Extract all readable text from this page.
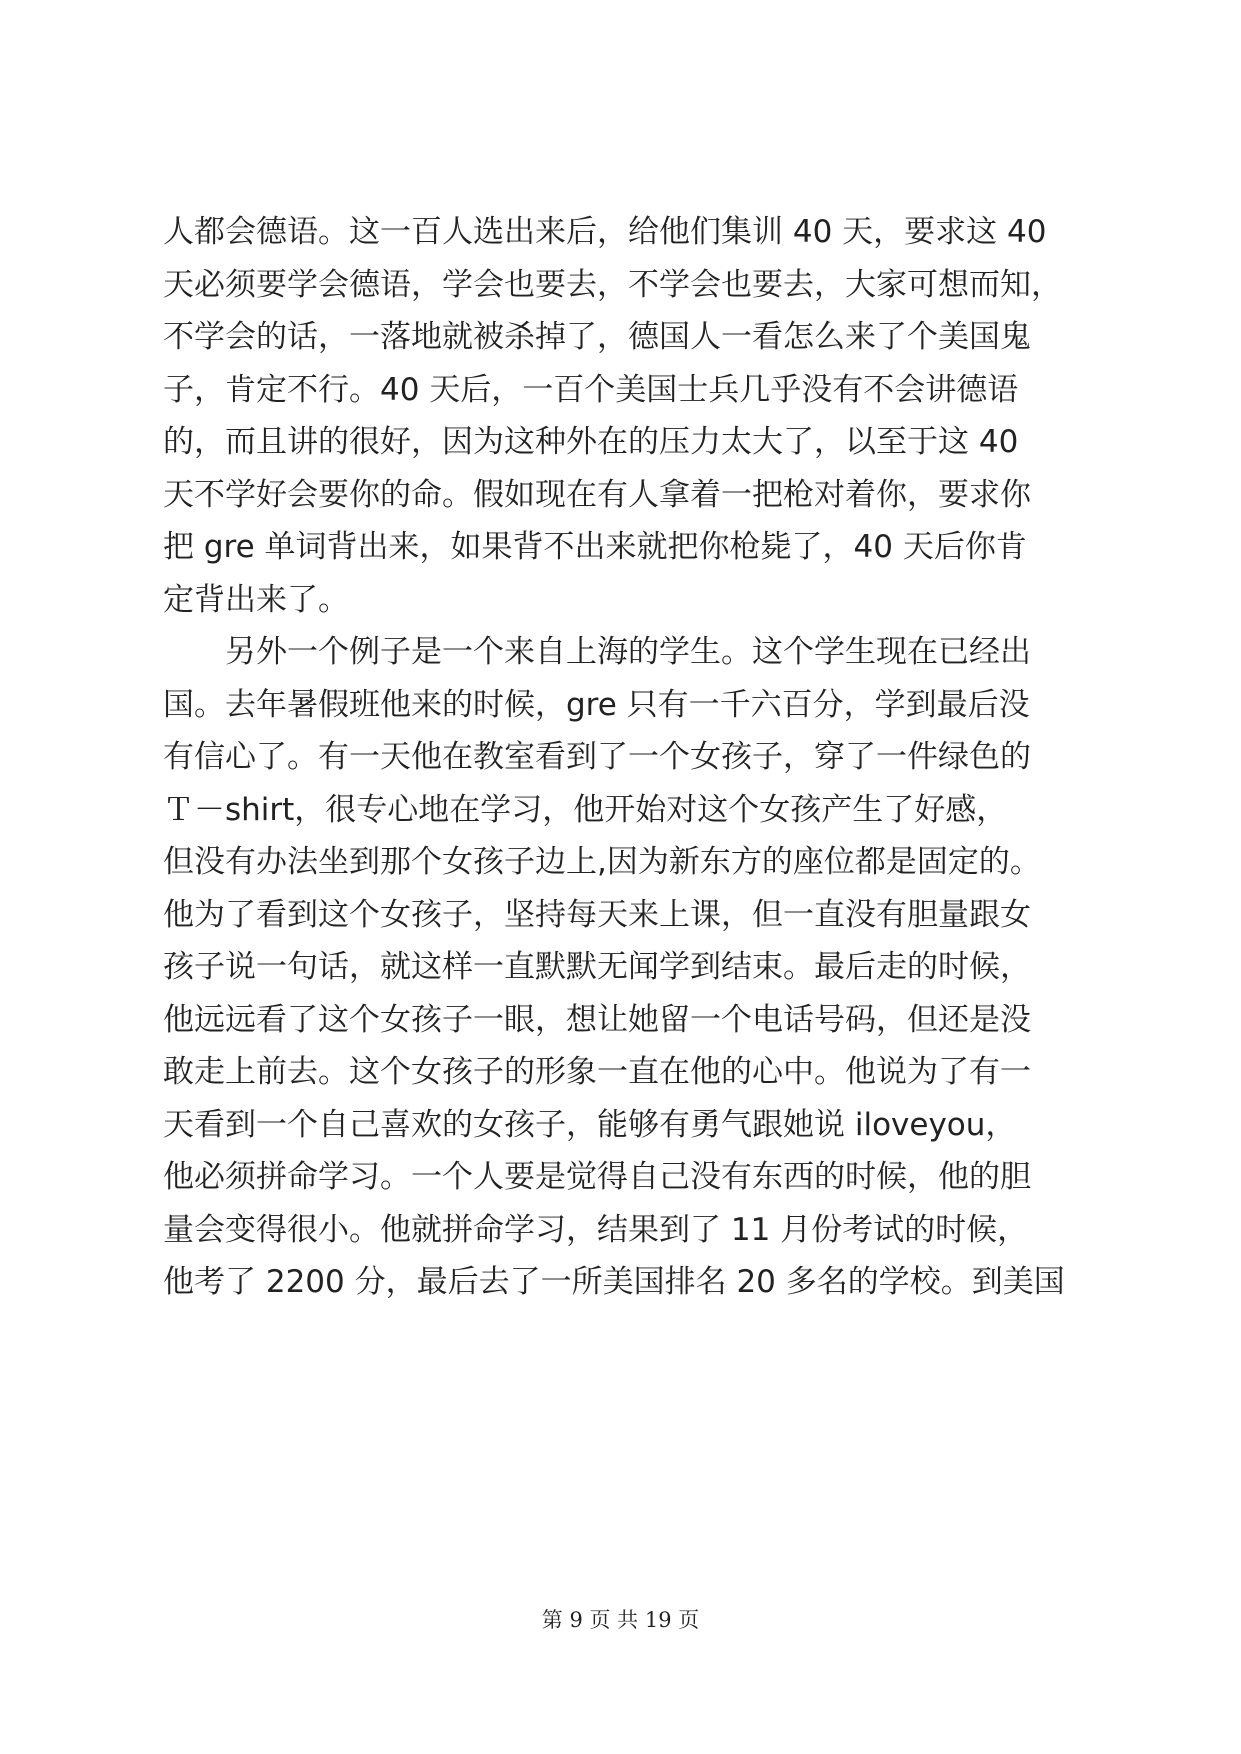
人都会德语。这一百人选出来后，给他们集训 40 天，要求这 40
天必须要学会德语，学会也要去，不学会也要去，大家可想而知，
不学会的话，一落地就被杀掉了，德国人一看怎么来了个美国鬼
子，肯定不行。40 天后，一百个美国士兵几乎没有不会讲德语
的，而且讲的很好，因为这种外在的压力太大了，以至于这 40
天不学好会要你的命。假如现在有人拿着一把枪对着你，要求你
把 gre 单词背出来，如果背不出来就把你枪毙了，40 天后你肯
定背出来了。
　　另外一个例子是一个来自上海的学生。这个学生现在已经出
国。去年暑假班他来的时候，gre 只有一千六百分，学到最后没
有信心了。有一天他在教室看到了一个女孩子，穿了一件绿色的
Ｔ－shirt，很专心地在学习，他开始对这个女孩产生了好感，
但没有办法坐到那个女孩子边上,因为新东方的座位都是固定的。
他为了看到这个女孩子，坚持每天来上课，但一直没有胆量跟女
孩子说一句话，就这样一直默默无闻学到结束。最后走的时候，
他远远看了这个女孩子一眼，想让她留一个电话号码，但还是没
敢走上前去。这个女孩子的形象一直在他的心中。他说为了有一
天看到一个自己喜欢的女孩子，能够有勇气跟她说 iloveyou，
他必须拼命学习。一个人要是觉得自己没有东西的时候，他的胆
量会变得很小。他就拼命学习，结果到了 11 月份考试的时候，
他考了 2200 分，最后去了一所美国排名 20 多名的学校。到美国
第 9 页 共 19 页
